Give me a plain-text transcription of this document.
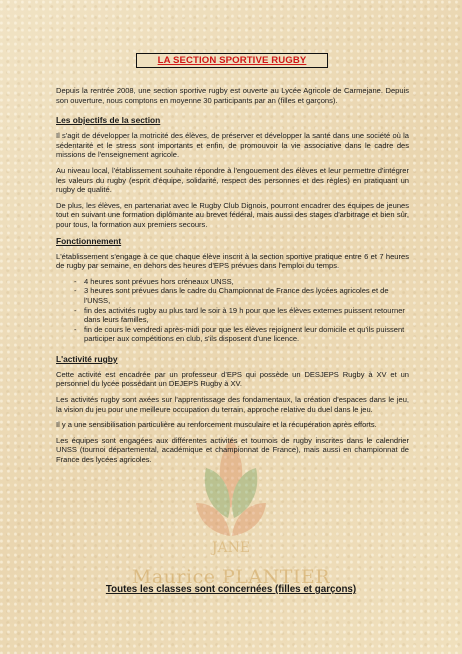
JANE
Maurice PLANTIER
LA SECTION SPORTIVE RUGBY

Depuis la rentrée 2008, une section sportive rugby est ouverte au Lycée Agricole de Carmejane. Depuis son ouverture, nous comptons en moyenne 30 participants par an (filles et garçons).

Les objectifs de la section

Il s'agit de développer la motricité des élèves, de préserver et développer la santé dans une société où la sédentarité et le stress sont importants et enfin, de promouvoir la vie associative dans le cadre des missions de l'enseignement agricole.

Au niveau local, l'établissement souhaite répondre à l'engouement des élèves et leur permettre d'intégrer les valeurs du rugby (esprit d'équipe, solidarité, respect des personnes et des règles) en pratiquant un rugby de qualité.

De plus, les élèves, en partenariat avec le Rugby Club Dignois, pourront encadrer des équipes de jeunes tout en suivant une formation diplômante au brevet fédéral, mais aussi des stages d'arbitrage et bien sûr, pour tous, la formation aux premiers secours.

Fonctionnement

L'établissement s'engage à ce que chaque élève inscrit à la section sportive pratique entre 6 et 7 heures de rugby par semaine, en dehors des heures d'EPS prévues dans l'emploi du temps.

- 4 heures sont prévues hors créneaux UNSS,
- 3 heures sont prévues dans le cadre du Championnat de France des lycées agricoles et de l'UNSS,
- fin des activités rugby au plus tard le soir à 19 h pour que les élèves externes puissent retourner dans leurs familles,
- fin de cours le vendredi après-midi pour que les élèves rejoignent leur domicile et qu'ils puissent participer aux compétitions en club, s'ils disposent d'une licence.
L'activité rugby

Cette activité est encadrée par un professeur d'EPS qui possède un DESJEPS Rugby à XV et un personnel du lycée possédant un DEJEPS Rugby à XV.

Les activités rugby sont axées sur l'apprentissage des fondamentaux, la création d'espaces dans le jeu, la vision du jeu pour une meilleure occupation du terrain, approche relative du duel dans le jeu.

Il y a une sensibilisation particulière au renforcement musculaire et la récupération après efforts.

Les équipes sont engagées aux différentes activités et tournois de rugby inscrites dans le calendrier UNSS (tournoi départemental, académique et championnat de France), mais aussi en championnat de France des lycées agricoles.

Toutes les classes sont concernées (filles et garçons)
